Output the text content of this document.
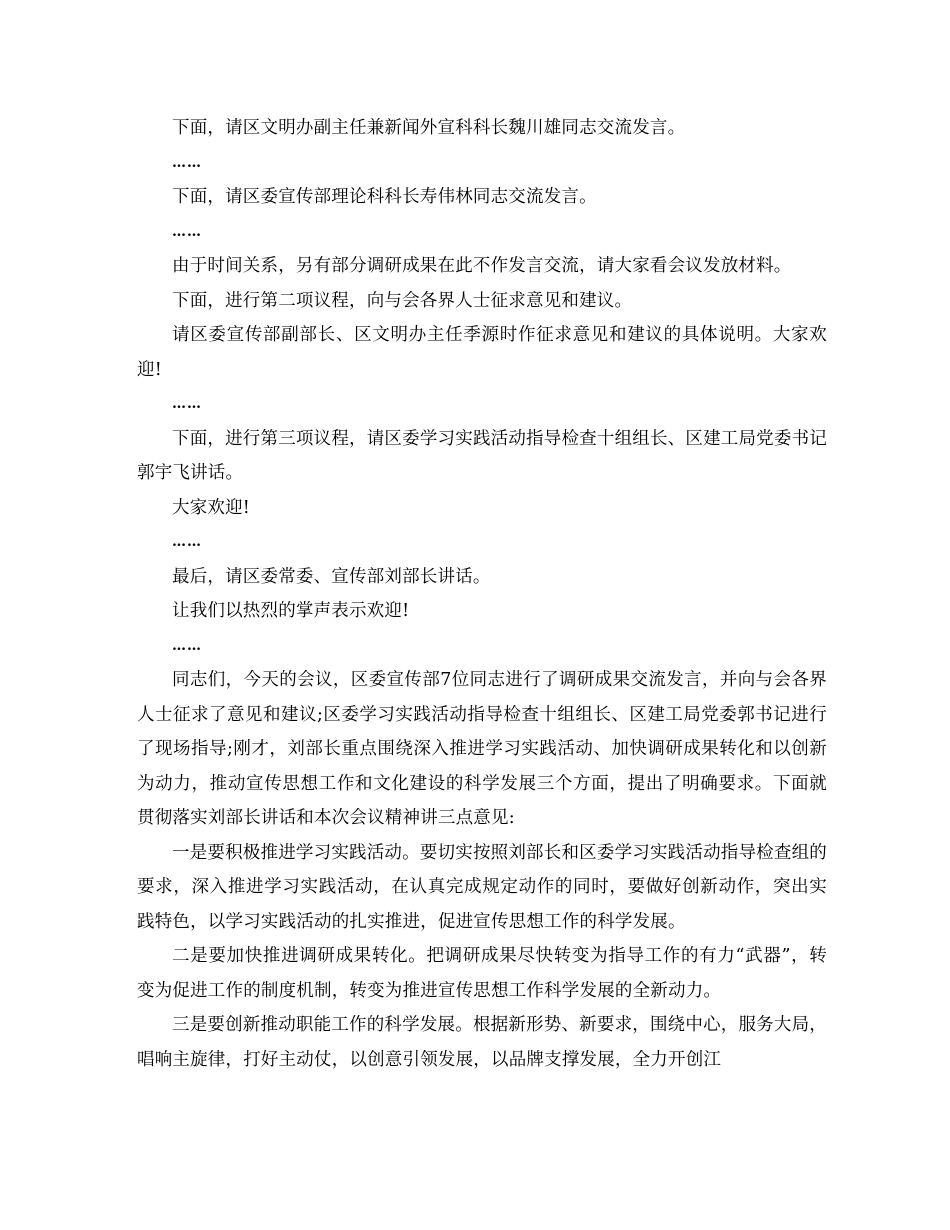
下面，请区文明办副主任兼新闻外宣科科长魏川雄同志交流发言。

……

下面，请区委宣传部理论科科长寿伟林同志交流发言。

……

由于时间关系，另有部分调研成果在此不作发言交流，请大家看会议发放材料。

下面，进行第二项议程，向与会各界人士征求意见和建议。

请区委宣传部副部长、区文明办主任季源时作征求意见和建议的具体说明。大家欢迎!

……

下面，进行第三项议程，请区委学习实践活动指导检查十组组长、区建工局党委书记郭宇飞讲话。

大家欢迎!

……

最后，请区委常委、宣传部刘部长讲话。

让我们以热烈的掌声表示欢迎!

……

同志们，今天的会议，区委宣传部7位同志进行了调研成果交流发言，并向与会各界人士征求了意见和建议;区委学习实践活动指导检查十组组长、区建工局党委郭书记进行了现场指导;刚才，刘部长重点围绕深入推进学习实践活动、加快调研成果转化和以创新为动力，推动宣传思想工作和文化建设的科学发展三个方面，提出了明确要求。下面就贯彻落实刘部长讲话和本次会议精神讲三点意见:

一是要积极推进学习实践活动。要切实按照刘部长和区委学习实践活动指导检查组的要求，深入推进学习实践活动，在认真完成规定动作的同时，要做好创新动作，突出实践特色，以学习实践活动的扎实推进，促进宣传思想工作的科学发展。

二是要加快推进调研成果转化。把调研成果尽快转变为指导工作的有力“武器”，转变为促进工作的制度机制，转变为推进宣传思想工作科学发展的全新动力。

三是要创新推动职能工作的科学发展。根据新形势、新要求，围绕中心，服务大局，唱响主旋律，打好主动仗，以创意引领发展，以品牌支撑发展，全力开创江
